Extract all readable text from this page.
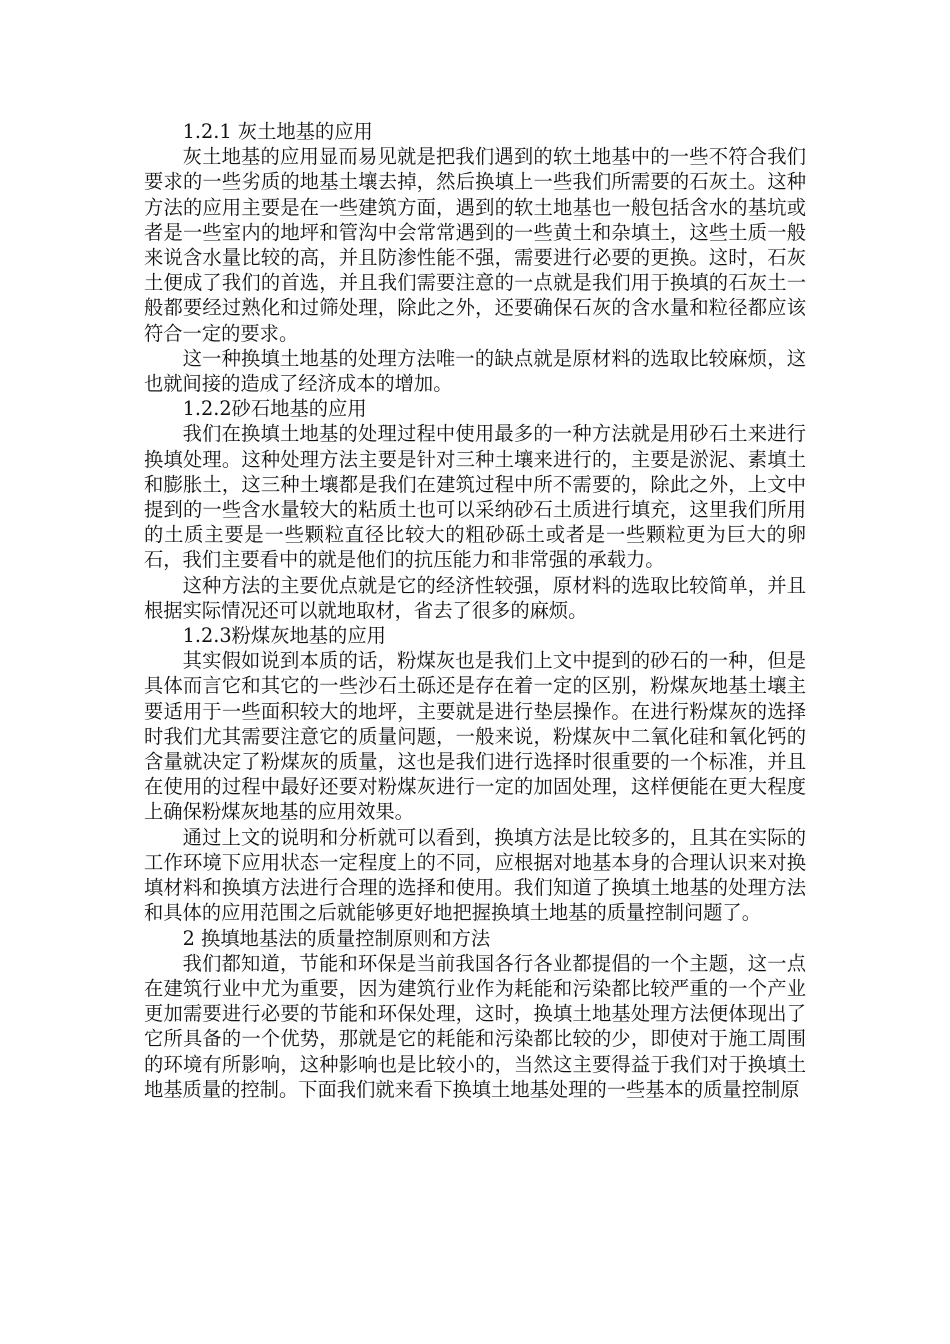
1.2.1 灰土地基的应用

灰土地基的应用显而易见就是把我们遇到的软土地基中的一些不符合我们要求的一些劣质的地基土壤去掉，然后换填上一些我们所需要的石灰土。这种方法的应用主要是在一些建筑方面，遇到的软土地基也一般包括含水的基坑或者是一些室内的地坪和管沟中会常常遇到的一些黄土和杂填土，这些土质一般来说含水量比较的高，并且防渗性能不强，需要进行必要的更换。这时，石灰土便成了我们的首选，并且我们需要注意的一点就是我们用于换填的石灰土一般都要经过熟化和过筛处理，除此之外，还要确保石灰的含水量和粒径都应该符合一定的要求。

这一种换填土地基的处理方法唯一的缺点就是原材料的选取比较麻烦，这也就间接的造成了经济成本的增加。

1.2.2砂石地基的应用

我们在换填土地基的处理过程中使用最多的一种方法就是用砂石土来进行换填处理。这种处理方法主要是针对三种土壤来进行的，主要是淤泥、素填土和膨胀土，这三种土壤都是我们在建筑过程中所不需要的，除此之外，上文中提到的一些含水量较大的粘质土也可以采纳砂石土质进行填充，这里我们所用的土质主要是一些颗粒直径比较大的粗砂砾土或者是一些颗粒更为巨大的卵石，我们主要看中的就是他们的抗压能力和非常强的承载力。

这种方法的主要优点就是它的经济性较强，原材料的选取比较简单，并且根据实际情况还可以就地取材，省去了很多的麻烦。

1.2.3粉煤灰地基的应用

其实假如说到本质的话，粉煤灰也是我们上文中提到的砂石的一种，但是具体而言它和其它的一些沙石土砾还是存在着一定的区别，粉煤灰地基土壤主要适用于一些面积较大的地坪，主要就是进行垫层操作。在进行粉煤灰的选择时我们尤其需要注意它的质量问题，一般来说，粉煤灰中二氧化硅和氧化钙的含量就决定了粉煤灰的质量，这也是我们进行选择时很重要的一个标准，并且在使用的过程中最好还要对粉煤灰进行一定的加固处理，这样便能在更大程度上确保粉煤灰地基的应用效果。

通过上文的说明和分析就可以看到，换填方法是比较多的，且其在实际的工作环境下应用状态一定程度上的不同，应根据对地基本身的合理认识来对换填材料和换填方法进行合理的选择和使用。我们知道了换填土地基的处理方法和具体的应用范围之后就能够更好地把握换填土地基的质量控制问题了。

2 换填地基法的质量控制原则和方法

我们都知道，节能和环保是当前我国各行各业都提倡的一个主题，这一点在建筑行业中尤为重要，因为建筑行业作为耗能和污染都比较严重的一个产业更加需要进行必要的节能和环保处理，这时，换填土地基处理方法便体现出了它所具备的一个优势，那就是它的耗能和污染都比较的少，即使对于施工周围的环境有所影响，这种影响也是比较小的，当然这主要得益于我们对于换填土地基质量的控制。下面我们就来看下换填土地基处理的一些基本的质量控制原
